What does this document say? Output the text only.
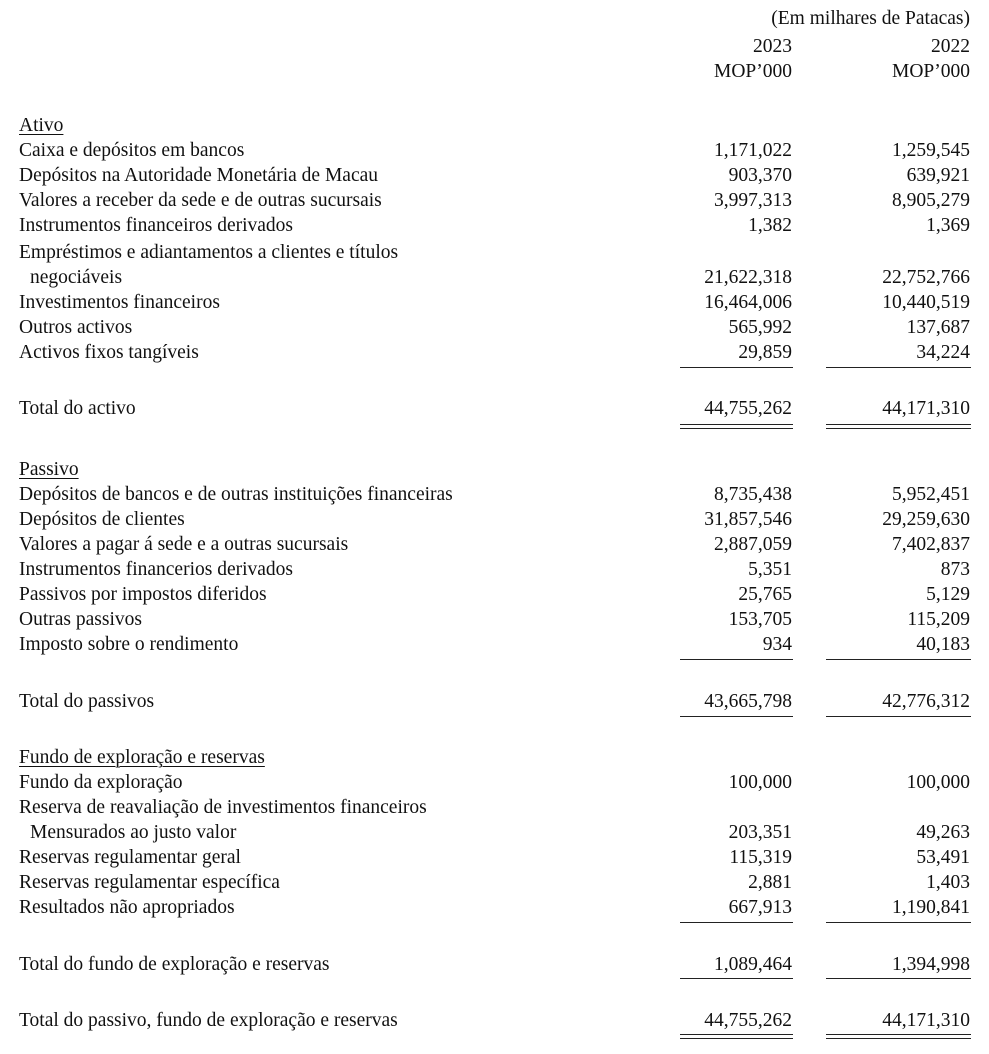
(Em milhares de Patacas)
2023	2022
MOP’000	MOP’000
Ativo
Caixa e depósitos em bancos	1,171,022	1,259,545
Depósitos na Autoridade Monetária de Macau	903,370	639,921
Valores a receber da sede e de outras sucursais	3,997,313	8,905,279
Instrumentos financeiros derivados	1,382	1,369
Empréstimos e adiantamentos a clientes e títulos
negociáveis	21,622,318	22,752,766
Investimentos financeiros	16,464,006	10,440,519
Outros activos	565,992	137,687
Activos fixos tangíveis	29,859	34,224
Total do activo	44,755,262	44,171,310
Passivo
Depósitos de bancos e de outras instituições financeiras	8,735,438	5,952,451
Depósitos de clientes	31,857,546	29,259,630
Valores a pagar á sede e a outras sucursais	2,887,059	7,402,837
Instrumentos financerios derivados	5,351	873
Passivos por impostos diferidos	25,765	5,129
Outras passivos	153,705	115,209
Imposto sobre o rendimento	934	40,183
Total do passivos	43,665,798	42,776,312
Fundo de exploração e reservas
Fundo da exploração	100,000	100,000
Reserva de reavaliação de investimentos financeiros
Mensurados ao justo valor	203,351	49,263
Reservas regulamentar geral	115,319	53,491
Reservas regulamentar específica	2,881	1,403
Resultados não apropriados	667,913	1,190,841
Total do fundo de exploração e reservas	1,089,464	1,394,998
Total do passivo, fundo de exploração e reservas	44,755,262	44,171,310
